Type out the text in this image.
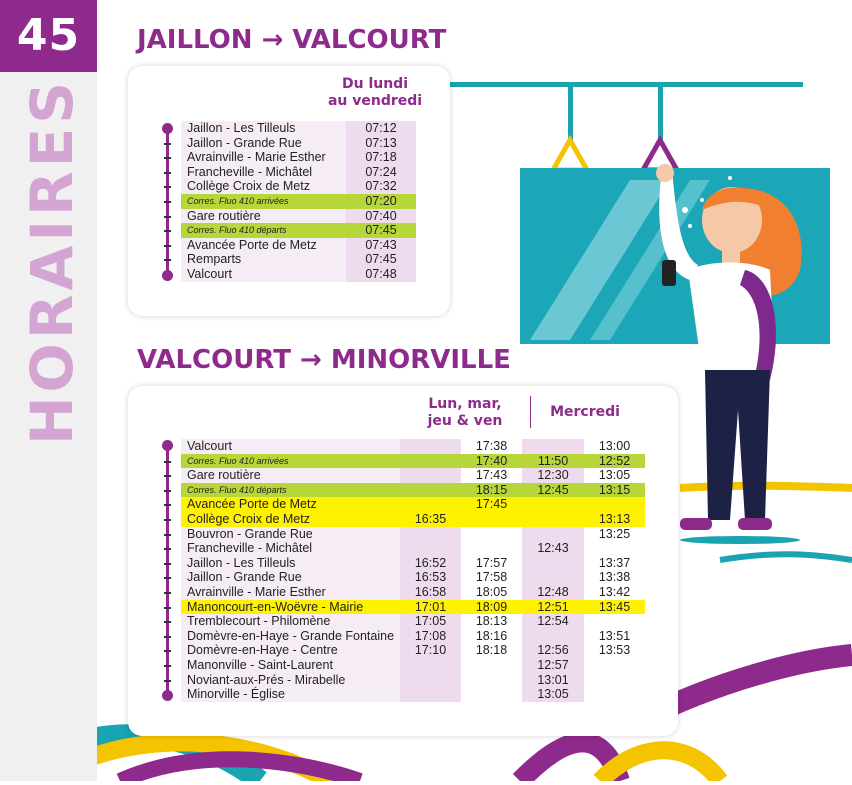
45
HORAIRES
JAILLON → VALCOURT
Du lundi
au vendredi
Jaillon - Les Tilleuls	07:12
Jaillon - Grande Rue	07:13
Avrainville - Marie Esther	07:18
Francheville - Michâtel	07:24
Collège Croix de Metz	07:32
Corres. Fluo 410 arrivées	07:20
Gare routière	07:40
Corres. Fluo 410 départs	07:45
Avancée Porte de Metz	07:43
Remparts	07:45
Valcourt	07:48
VALCOURT → MINORVILLE
Lun, mar,
jeu & ven
Mercredi
Valcourt		17:38		13:00
Corres. Fluo 410 arrivées		17:40	11:50	12:52
Gare routière		17:43	12:30	13:05
Corres. Fluo 410 départs		18:15	12:45	13:15
Avancée Porte de Metz		17:45		
Collège Croix de Metz	16:35			13:13
Bouvron - Grande Rue				13:25
Francheville - Michâtel			12:43	
Jaillon - Les Tilleuls	16:52	17:57		13:37
Jaillon - Grande Rue	16:53	17:58		13:38
Avrainville - Marie Esther	16:58	18:05	12:48	13:42
Manoncourt-en-Woëvre - Mairie	17:01	18:09	12:51	13:45
Tremblecourt - Philomène	17:05	18:13	12:54	
Domèvre-en-Haye - Grande Fontaine	17:08	18:16		13:51
Domèvre-en-Haye - Centre	17:10	18:18	12:56	13:53
Manonville - Saint-Laurent			12:57	
Noviant-aux-Prés - Mirabelle			13:01	
Minorville - Église			13:05	
